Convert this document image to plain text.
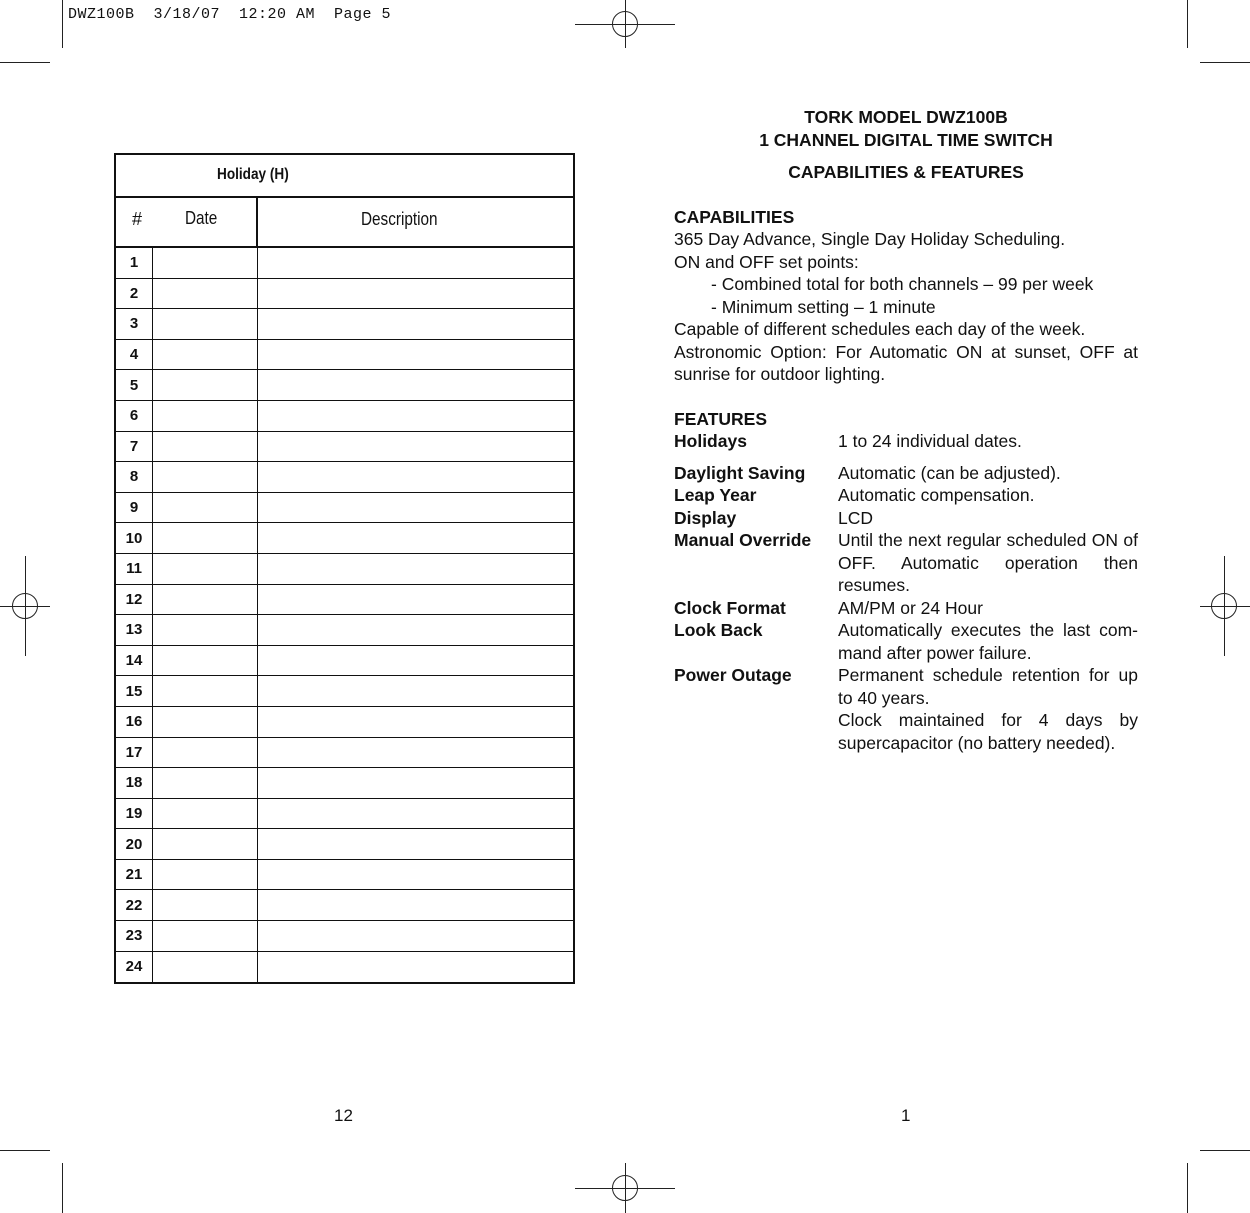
DWZ100B  3/18/07  12:20 AM  Page 5
Holiday (H)
# Date	Description
1
2
3
4
5
6
7
8
9
10
11
12
13
14
15
16
17
18
19
20
21
22
23
24
12
TORK MODEL DWZ100B
1 CHANNEL DIGITAL TIME SWITCH
CAPABILITIES & FEATURES
CAPABILITIES
365 Day Advance, Single Day Holiday Scheduling.
ON and OFF set points:
- Combined total for both channels – 99 per week
- Minimum setting – 1 minute
Capable of different schedules each day of the week.
Astronomic Option: For Automatic ON at sunset, OFF at sunrise for outdoor lighting.
FEATURES
Holidays	1 to 24 individual dates.
Daylight Saving	Automatic (can be adjusted).
Leap Year	Automatic compensation.
Display	LCD
Manual Override	Until the next regular scheduled ON of OFF. Automatic operation then resumes.
Clock Format	AM/PM or 24 Hour
Look Back	Automatically executes the last com-mand after power failure.
Power Outage	Permanent schedule retention for up to 40 years.
Clock maintained for 4 days by supercapacitor (no battery needed).
1
